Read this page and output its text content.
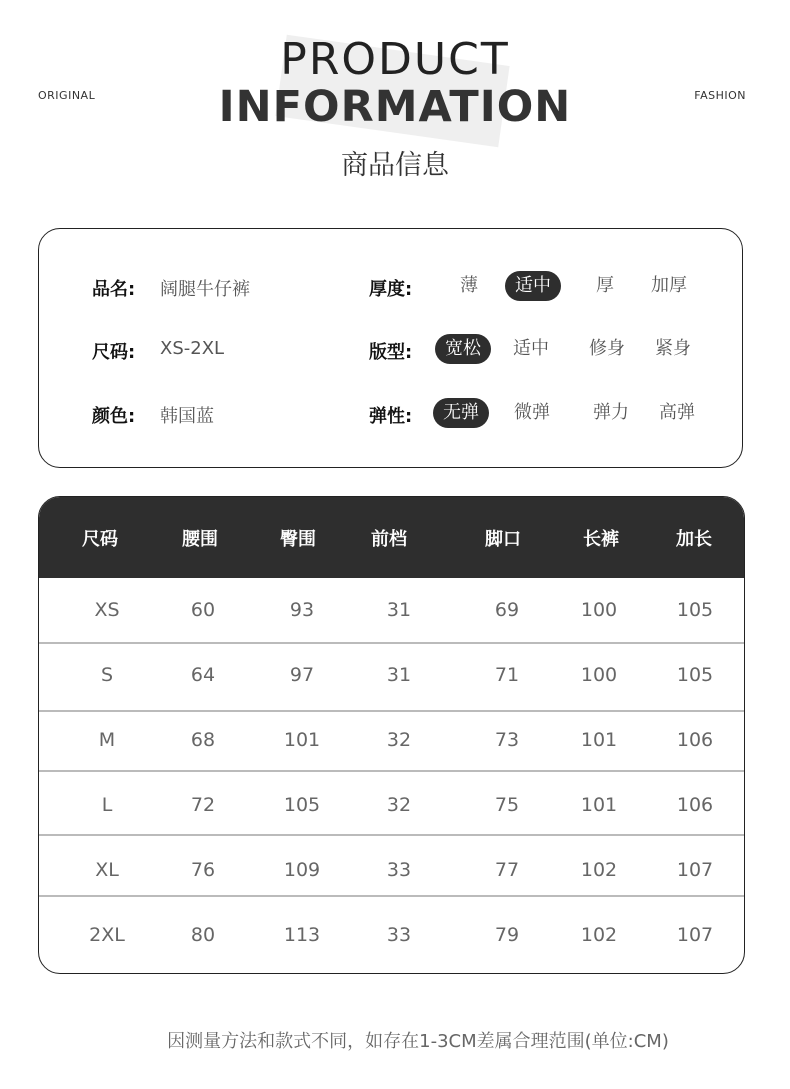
ORIGINAL	FASHION
PRODUCT
INFORMATION
商品信息
品名: 阔腿牛仔裤	厚度:	薄	适中	厚	加厚
尺码: XS-2XL	版型:	宽松	适中	修身	紧身
颜色: 韩国蓝	弹性:	无弹	微弹	弹力	高弹
尺码	腰围	臀围	前档	脚口	长裤	加长
XS	60	93	31	69	100	105
S	64	97	31	71	100	105
M	68	101	32	73	101	106
L	72	105	32	75	101	106
XL	76	109	33	77	102	107
2XL	80	113	33	79	102	107
因测量方法和款式不同，如存在1-3CM差属合理范围(单位:CM)
